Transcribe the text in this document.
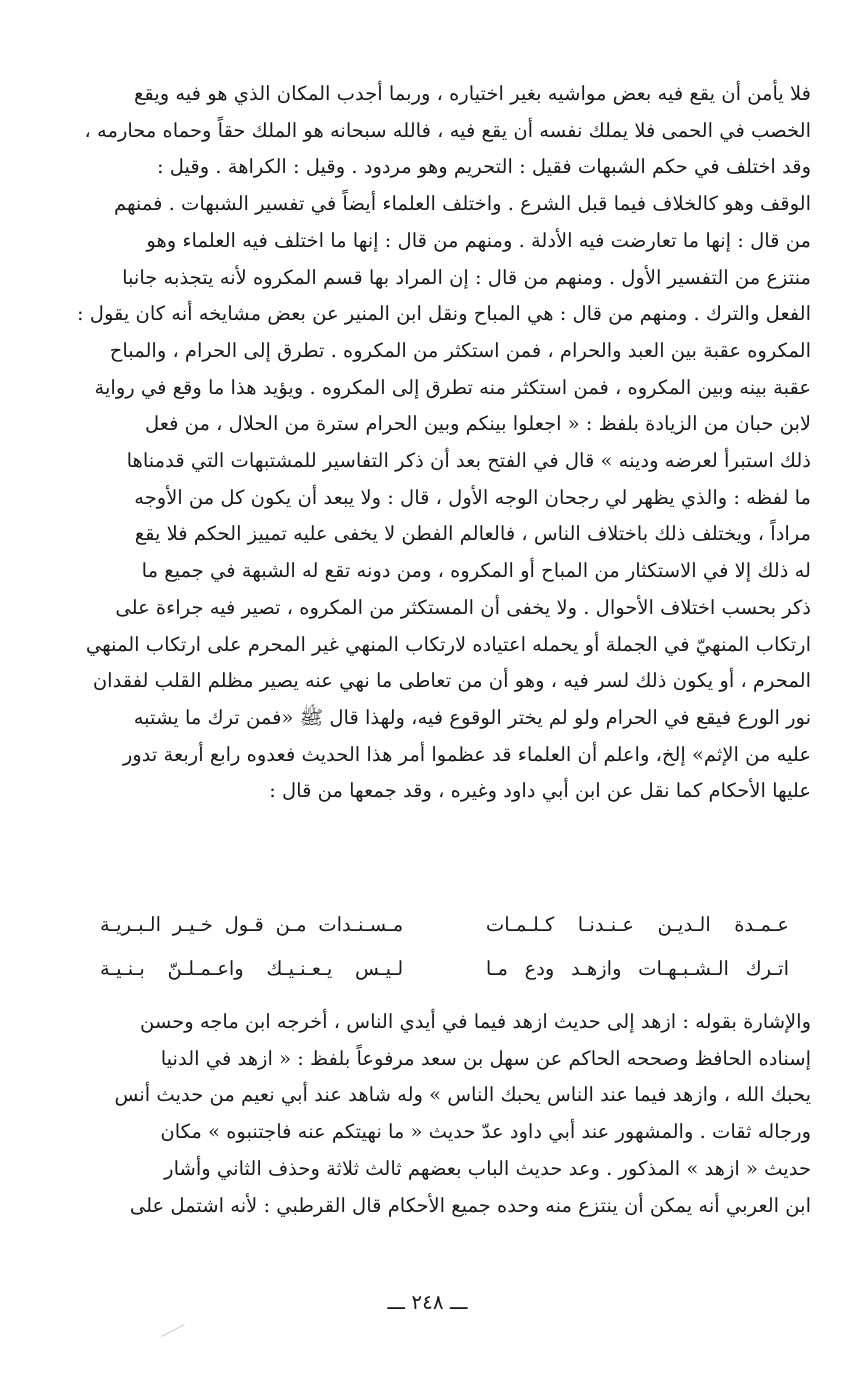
فلا يأمن أن يقع فيه بعض مواشيه بغير اختياره ، وربما أجدب المكان الذي هو فيه ويقع
الخصب في الحمى فلا يملك نفسه أن يقع فيه ، فالله سبحانه هو الملك حقاً وحماه محارمه ،
وقد اختلف في حكم الشبهات فقيل : التحريم وهو مردود . وقيل : الكراهة . وقيل :
الوقف وهو كالخلاف فيما قبل الشرع . واختلف العلماء أيضاً في تفسير الشبهات . فمنهم
من قال : إنها ما تعارضت فيه الأدلة . ومنهم من قال : إنها ما اختلف فيه العلماء وهو
منتزع من التفسير الأول . ومنهم من قال : إن المراد بها قسم المكروه لأنه يتجذبه جانبا
الفعل والترك . ومنهم من قال : هي المباح ونقل ابن المنير عن بعض مشايخه أنه كان يقول :
المكروه عقبة بين العبد والحرام ، فمن استكثر من المكروه . تطرق إلى الحرام ، والمباح
عقبة بينه وبين المكروه ، فمن استكثر منه تطرق إلى المكروه . ويؤيد هذا ما وقع في رواية
لابن حبان من الزيادة بلفظ : « اجعلوا بينكم وبين الحرام سترة من الحلال ، من فعل
ذلك استبرأ لعرضه ودينه » قال في الفتح بعد أن ذكر التفاسير للمشتبهات التي قدمناها
ما لفظه : والذي يظهر لي رجحان الوجه الأول ، قال : ولا يبعد أن يكون كل من الأوجه
مراداً ، ويختلف ذلك باختلاف الناس ، فالعالم الفطن لا يخفى عليه تمييز الحكم فلا يقع
له ذلك إلا في الاستكثار من المباح أو المكروه ، ومن دونه تقع له الشبهة في جميع ما
ذكر بحسب اختلاف الأحوال . ولا يخفى أن المستكثر من المكروه ، تصير فيه جراءة على
ارتكاب المنهيّ في الجملة أو يحمله اعتياده لارتكاب المنهي غير المحرم على ارتكاب المنهي
المحرم ، أو يكون ذلك لسر فيه ، وهو أن من تعاطى ما نهي عنه يصير مظلم القلب لفقدان
نور الورع فيقع في الحرام ولو لم يختر الوقوع فيه، ولهذا قال ﷺ «فمن ترك ما يشتبه
عليه من الإثم» إلخ، واعلم أن العلماء قد عظموا أمر هذا الحديث فعدوه رابع أربعة تدور
عليها الأحكام كما نقل عن ابن أبي داود وغيره ، وقد جمعها من قال :
عـمـدة الـديـن عـنـدنـا كـلـمـات
مـسـنـدات مـن قـول خـيـر الـبـريـة
اتـرك الـشـبـهـات وازهـد ودع مـا
لـيـس يـعـنـيـك واعـمـلـنّ بـنـيـة
والإشارة بقوله : ازهد إلى حديث ازهد فيما في أيدي الناس ، أخرجه ابن ماجه وحسن
إسناده الحافظ وصححه الحاكم عن سهل بن سعد مرفوعاً بلفظ : « ازهد في الدنيا
يحبك الله ، وازهد فيما عند الناس يحبك الناس » وله شاهد عند أبي نعيم من حديث أنس
ورجاله ثقات . والمشهور عند أبي داود عدّ حديث « ما نهيتكم عنه فاجتنبوه » مكان
حديث « ازهد » المذكور . وعد حديث الباب بعضهم ثالث ثلاثة وحذف الثاني وأشار
ابن العربي أنه يمكن أن ينتزع منه وحده جميع الأحكام قال القرطبي : لأنه اشتمل على
ـــ ٢٤٨ ـــ
